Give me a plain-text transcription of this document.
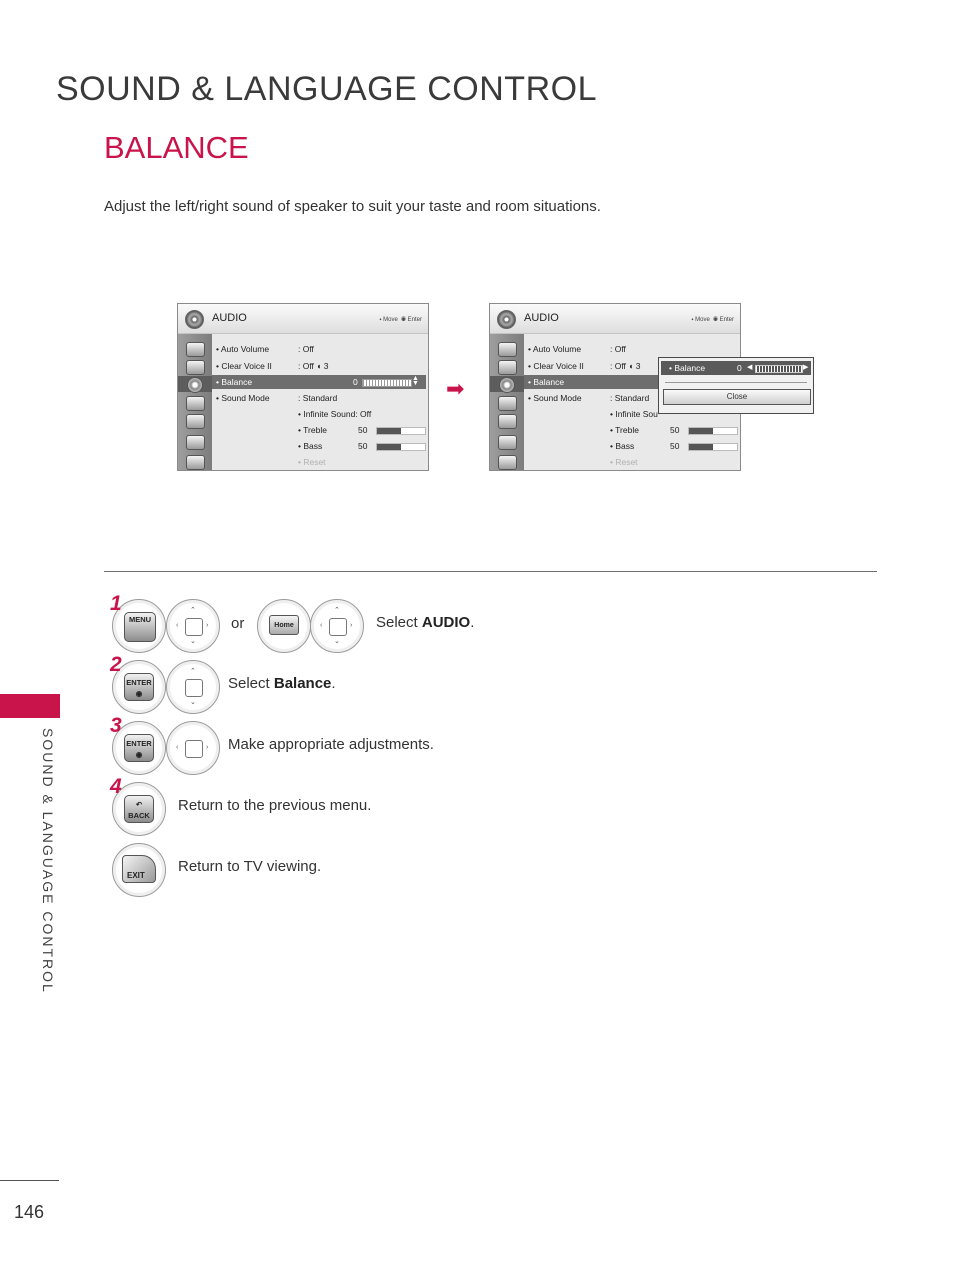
SOUND & LANGUAGE CONTROL
BALANCE
Adjust the left/right sound of speaker to suit your taste and room situations.
AUDIO	⬩ Move ◉ Enter
• Auto Volume	: Off
• Clear Voice II	: Off ◖ 3
• Balance	0	▲
▼
• Sound Mode	: Standard
• Infinite Sound: Off
• Treble	50
• Bass	50
• Reset
➡
AUDIO	⬩ Move ◉ Enter
• Auto Volume	: Off
• Clear Voice II	: Off ◖ 3
• Balance
• Sound Mode	: Standard
• Infinite Sou
• Treble	50
• Bass	50
• Reset
• Balance	0 ◀	▶
Close
1
MENU
⌃
⌄
‹	› or	Home
⌃
⌄
‹	› Select AUDIO.
2
ENTER
◉
⌃
⌄
Select Balance.
3
ENTER
◉
‹	› Make appropriate adjustments.
4
↶
BACK
Return to the previous menu.
EXIT
Return to TV viewing.
SOUND & LANGUAGE CONTROL
146
